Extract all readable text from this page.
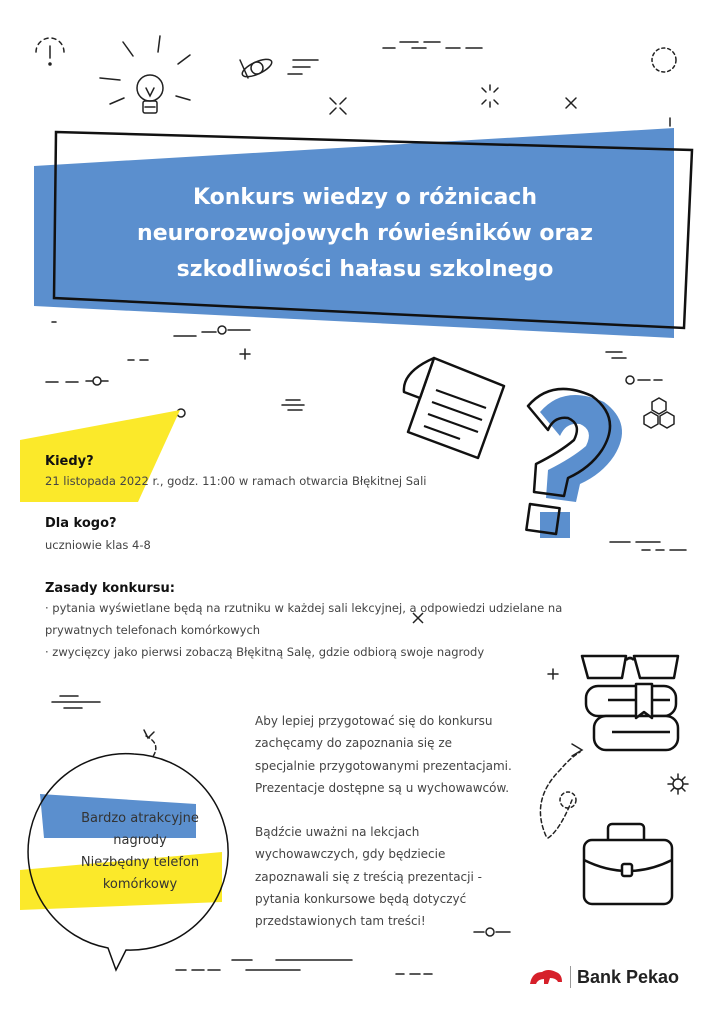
Konkurs wiedzy o różnicach
neurorozwojowych rówieśników oraz
szkodliwości hałasu szkolnego
Kiedy?
21 listopada 2022 r., godz. 11:00 w ramach otwarcia Błękitnej Sali
Dla kogo?
uczniowie klas 4-8
Zasady konkursu:
· pytania wyświetlane będą na rzutniku w każdej sali lekcyjnej, a odpowiedzi udzielane na
prywatnych telefonach komórkowych
· zwycięzcy jako pierwsi zobaczą Błękitną Salę, gdzie odbiorą swoje nagrody
Bardzo atrakcyjne
nagrody
Niezbędny telefon
komórkowy
Aby lepiej przygotować się do konkursu
zachęcamy do zapoznania się ze
specjalnie przygotowanymi prezentacjami.
Prezentacje dostępne są u wychowawców.
Bądźcie uważni na lekcjach
wychowawczych, gdy będziecie
zapoznawali się z treścią prezentacji -
pytania konkursowe będą dotyczyć
przedstawionych tam treści!
Bank Pekao
